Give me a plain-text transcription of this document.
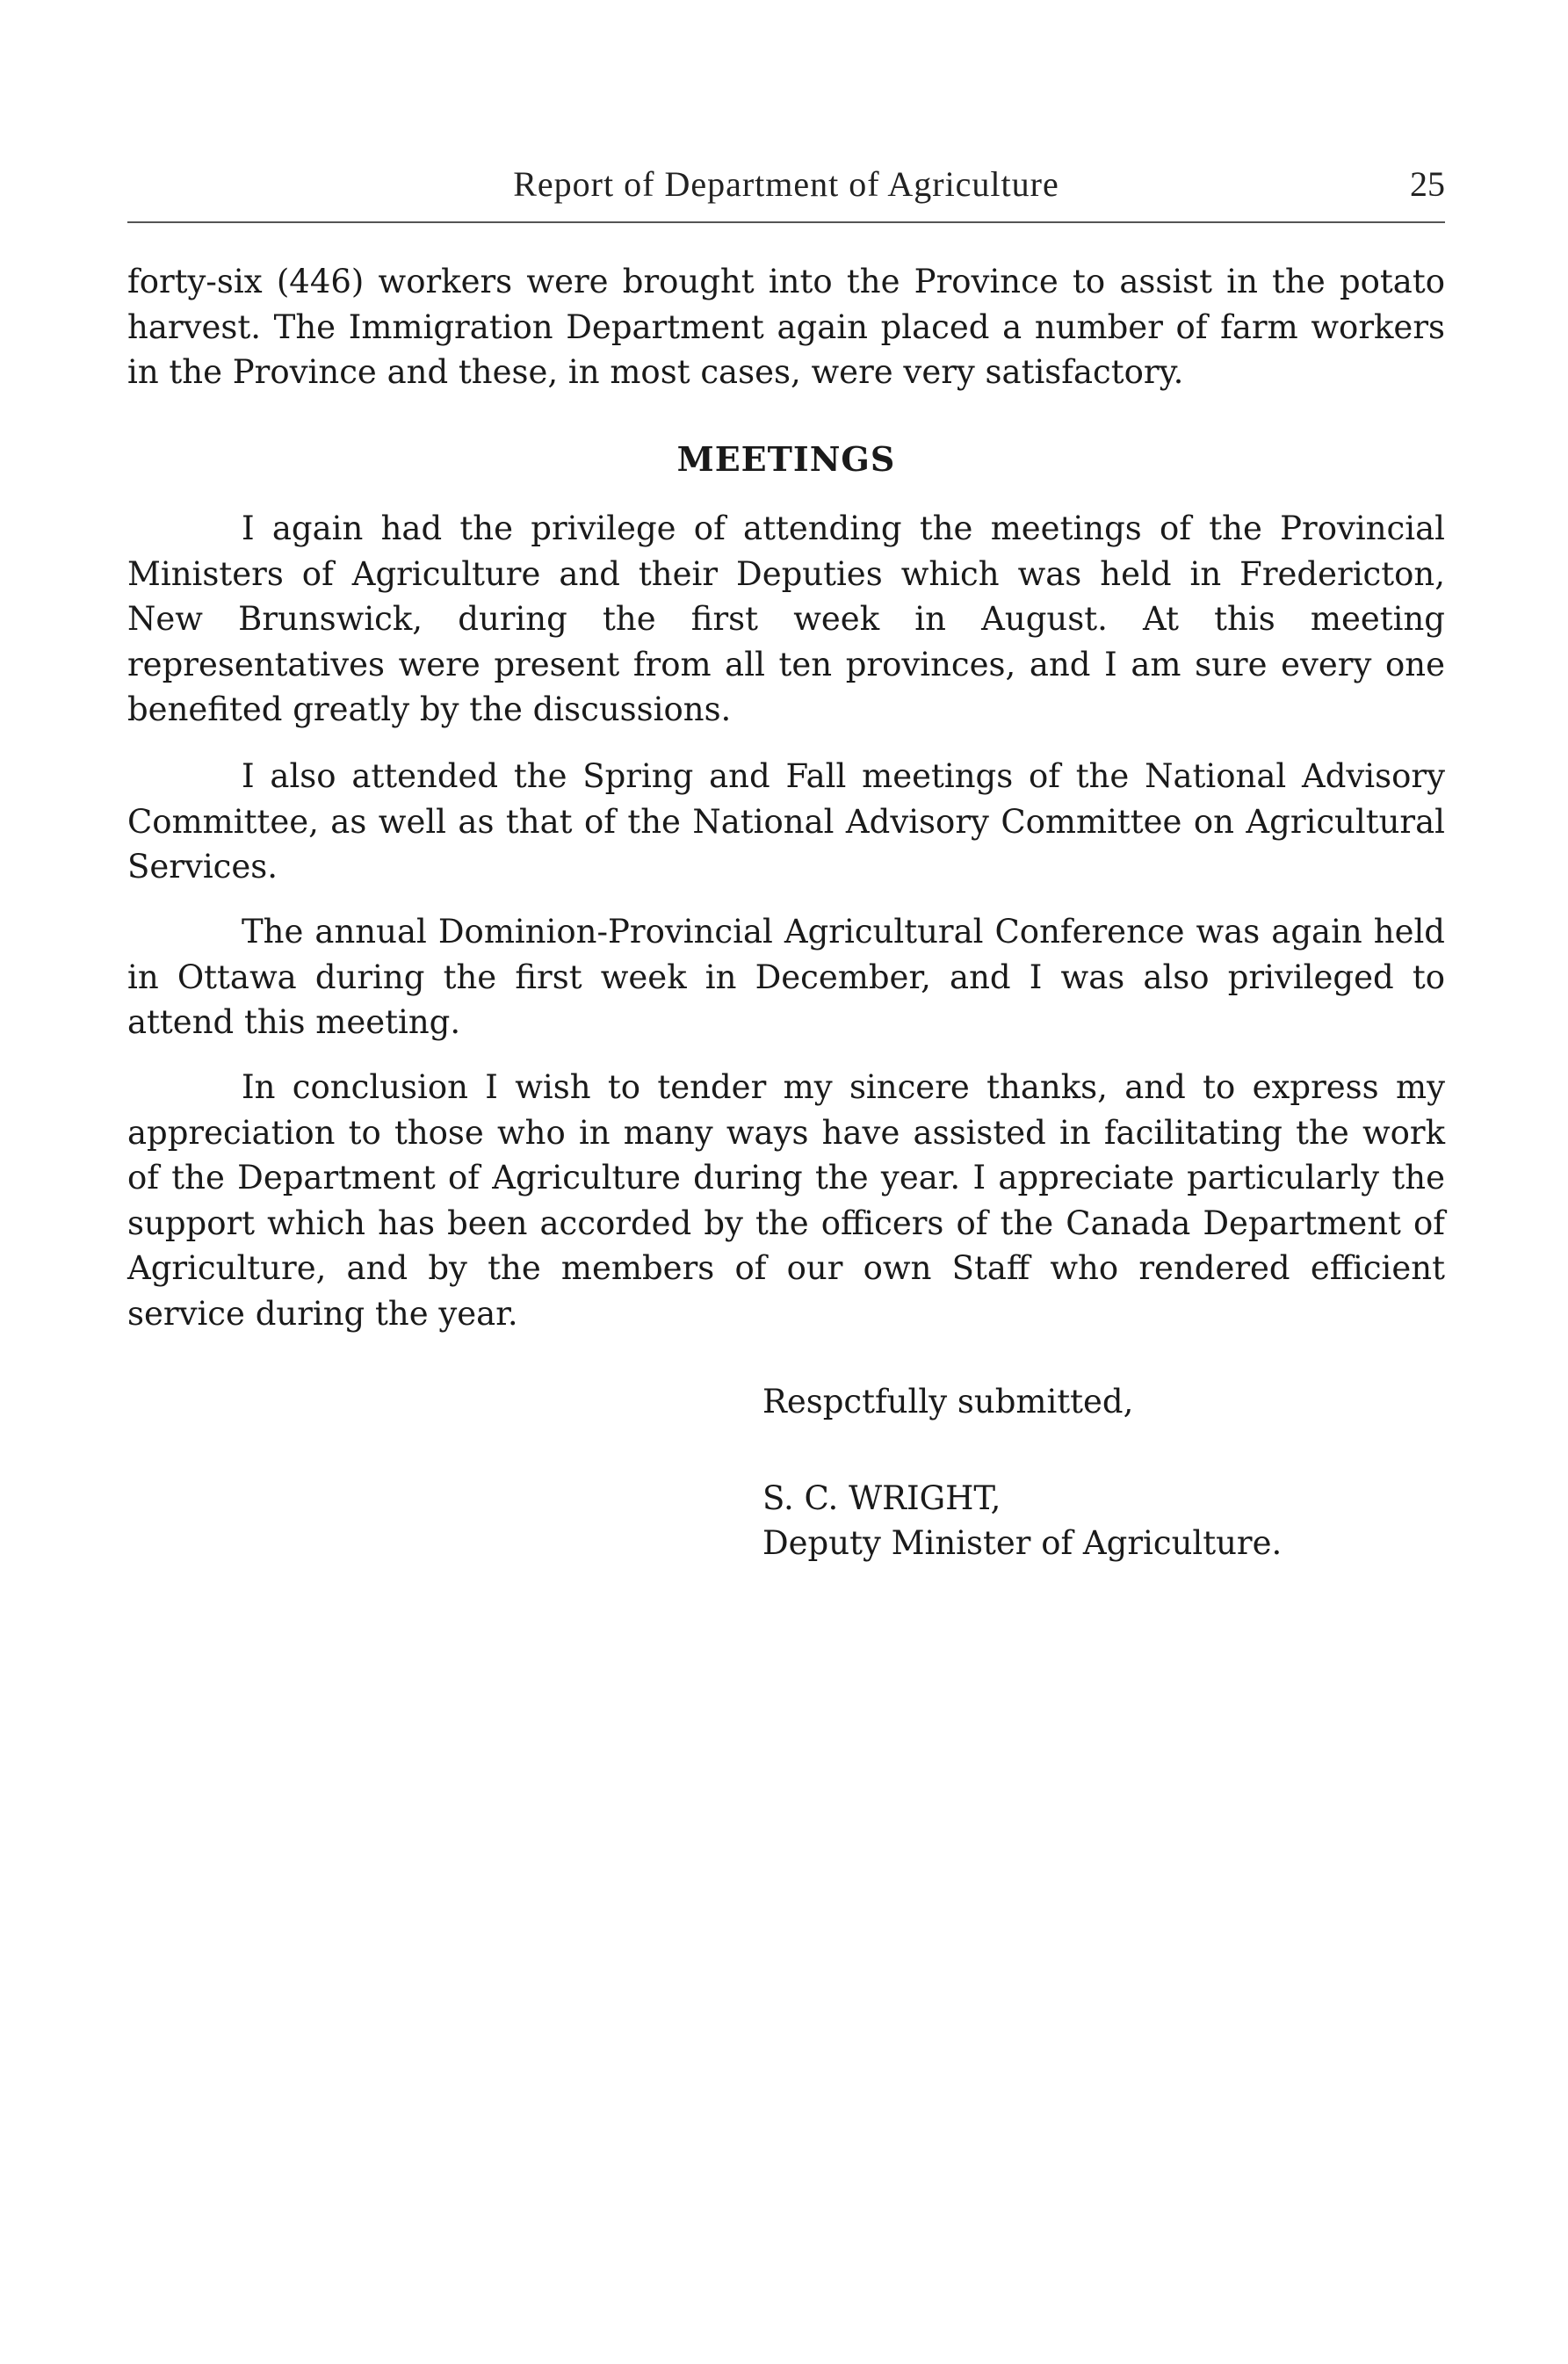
Report of Department of Agriculture	25
forty-six (446) workers were brought into the Province to assist in the potato harvest. The Immigration Department again placed a number of farm workers in the Province and these, in most cases, were very satisfactory.
MEETINGS
I again had the privilege of attending the meetings of the Provincial Ministers of Agriculture and their Deputies which was held in Fredericton, New Brunswick, during the first week in August. At this meeting representatives were present from all ten provinces, and I am sure every one benefited greatly by the discussions.
I also attended the Spring and Fall meetings of the National Advisory Committee, as well as that of the National Advisory Committee on Agricultural Services.
The annual Dominion-Provincial Agricultural Conference was again held in Ottawa during the first week in December, and I was also privileged to attend this meeting.
In conclusion I wish to tender my sincere thanks, and to express my appreciation to those who in many ways have assisted in facilitating the work of the Department of Agriculture during the year. I appreciate particularly the support which has been accorded by the officers of the Canada Department of Agriculture, and by the members of our own Staff who rendered efficient service during the year.
Respctfully submitted,
S. C. WRIGHT,
Deputy Minister of Agriculture.
